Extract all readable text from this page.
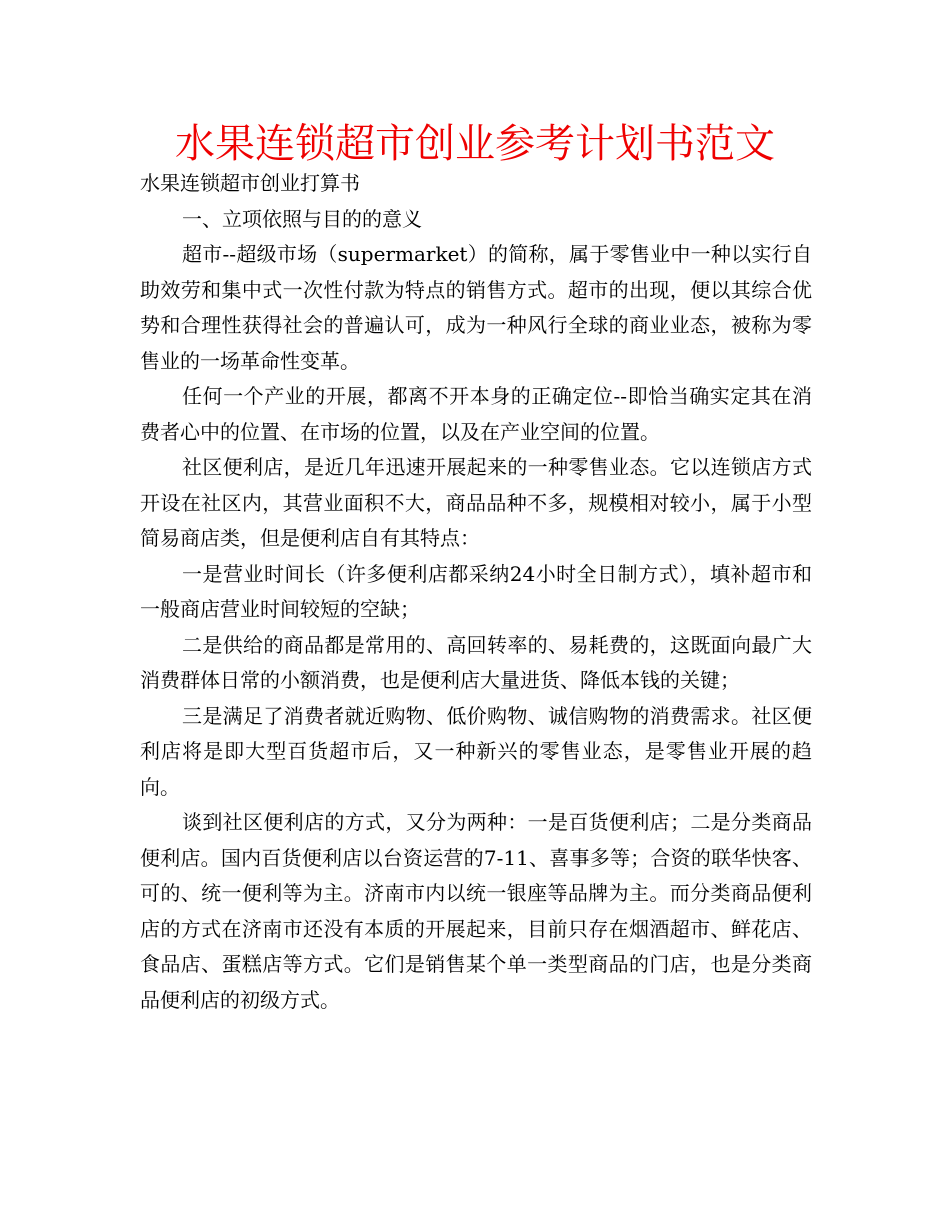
水果连锁超市创业参考计划书范文

水果连锁超市创业打算书

一、立项依照与目的的意义

超市--超级市场（supermarket）的简称，属于零售业中一种以实行自助效劳和集中式一次性付款为特点的销售方式。超市的出现，便以其综合优势和合理性获得社会的普遍认可，成为一种风行全球的商业业态，被称为零售业的一场革命性变革。

任何一个产业的开展，都离不开本身的正确定位--即恰当确实定其在消费者心中的位置、在市场的位置，以及在产业空间的位置。

社区便利店，是近几年迅速开展起来的一种零售业态。它以连锁店方式开设在社区内，其营业面积不大，商品品种不多，规模相对较小，属于小型简易商店类，但是便利店自有其特点：

一是营业时间长（许多便利店都采纳24小时全日制方式），填补超市和一般商店营业时间较短的空缺；

二是供给的商品都是常用的、高回转率的、易耗费的，这既面向最广大消费群体日常的小额消费，也是便利店大量进货、降低本钱的关键；

三是满足了消费者就近购物、低价购物、诚信购物的消费需求。社区便利店将是即大型百货超市后，又一种新兴的零售业态，是零售业开展的趋向。

谈到社区便利店的方式，又分为两种：一是百货便利店；二是分类商品便利店。国内百货便利店以台资运营的7-11、喜事多等；合资的联华快客、可的、统一便利等为主。济南市内以统一银座等品牌为主。而分类商品便利店的方式在济南市还没有本质的开展起来，目前只存在烟酒超市、鲜花店、食品店、蛋糕店等方式。它们是销售某个单一类型商品的门店，也是分类商品便利店的初级方式。
